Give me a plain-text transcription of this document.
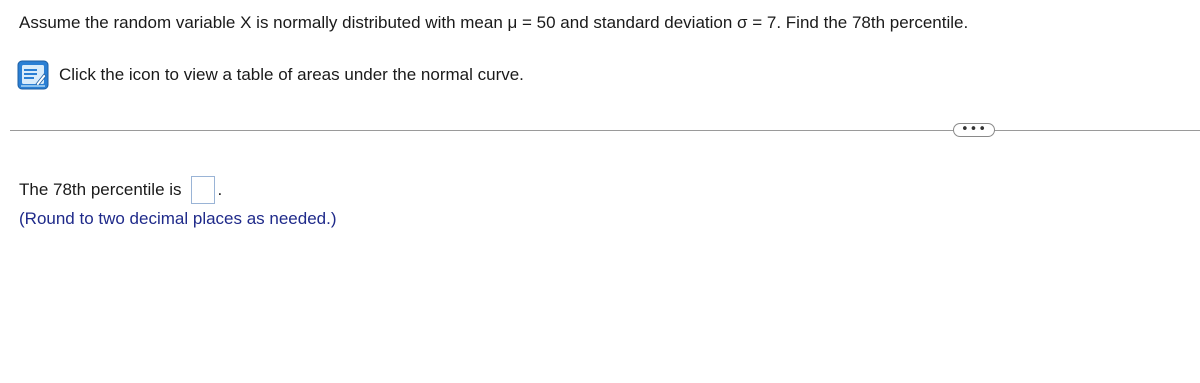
Assume the random variable X is normally distributed with mean μ = 50 and standard deviation σ = 7. Find the 78th percentile.
Click the icon to view a table of areas under the normal curve.
•••
The 78th percentile is .
(Round to two decimal places as needed.)
